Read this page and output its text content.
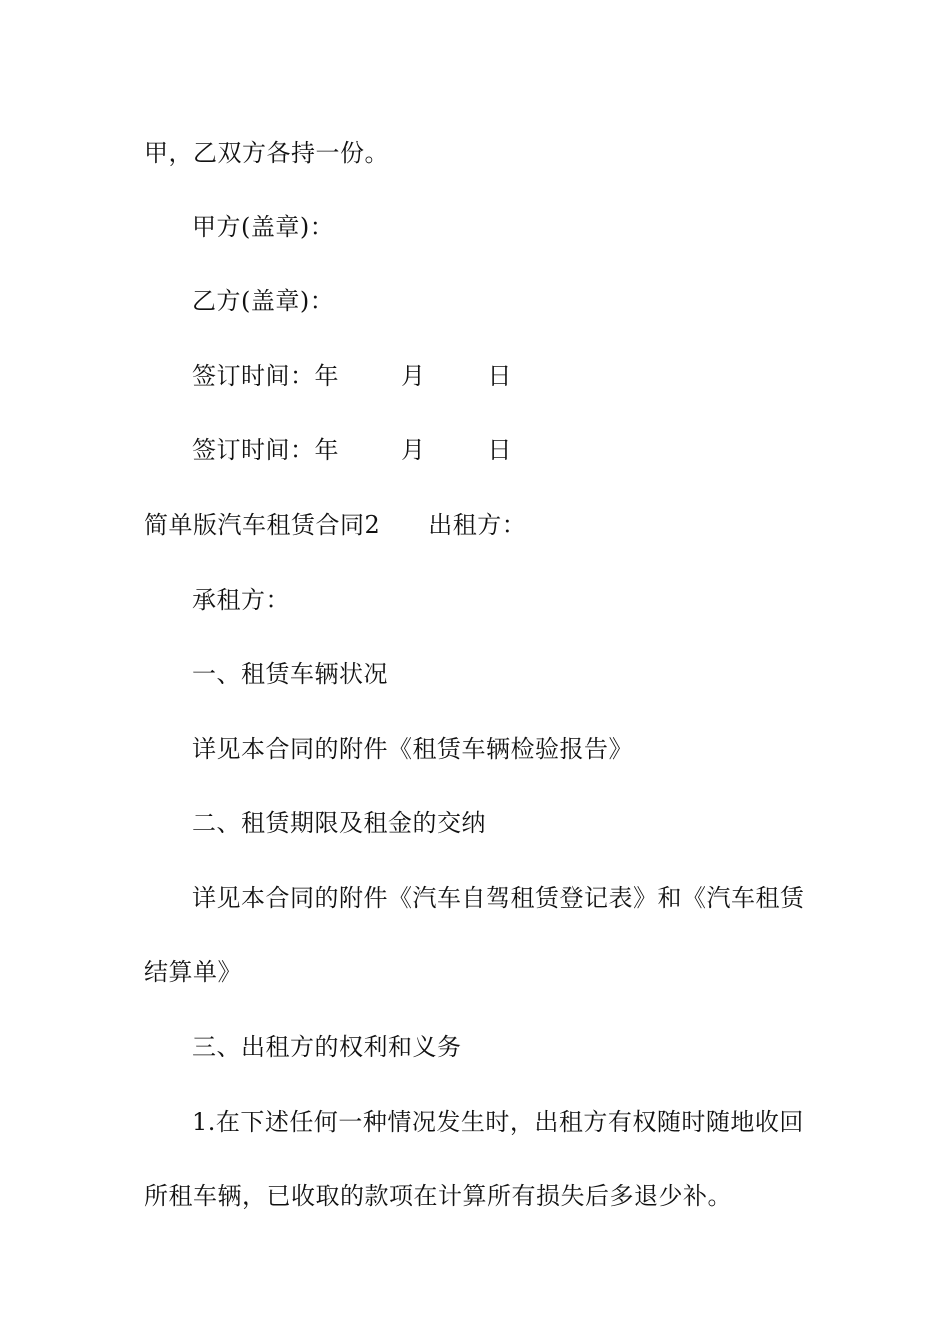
甲，乙双方各持一份。
甲方(盖章)：
乙方(盖章)：
签订时间：年	月	日
签订时间：年	月	日
简单版汽车租赁合同2 出租方：
承租方：
一、租赁车辆状况
详见本合同的附件《租赁车辆检验报告》
二、租赁期限及租金的交纳
详见本合同的附件《汽车自驾租赁登记表》和《汽车租赁
结算单》
三、出租方的权利和义务
1.在下述任何一种情况发生时，出租方有权随时随地收回
所租车辆，已收取的款项在计算所有损失后多退少补。
